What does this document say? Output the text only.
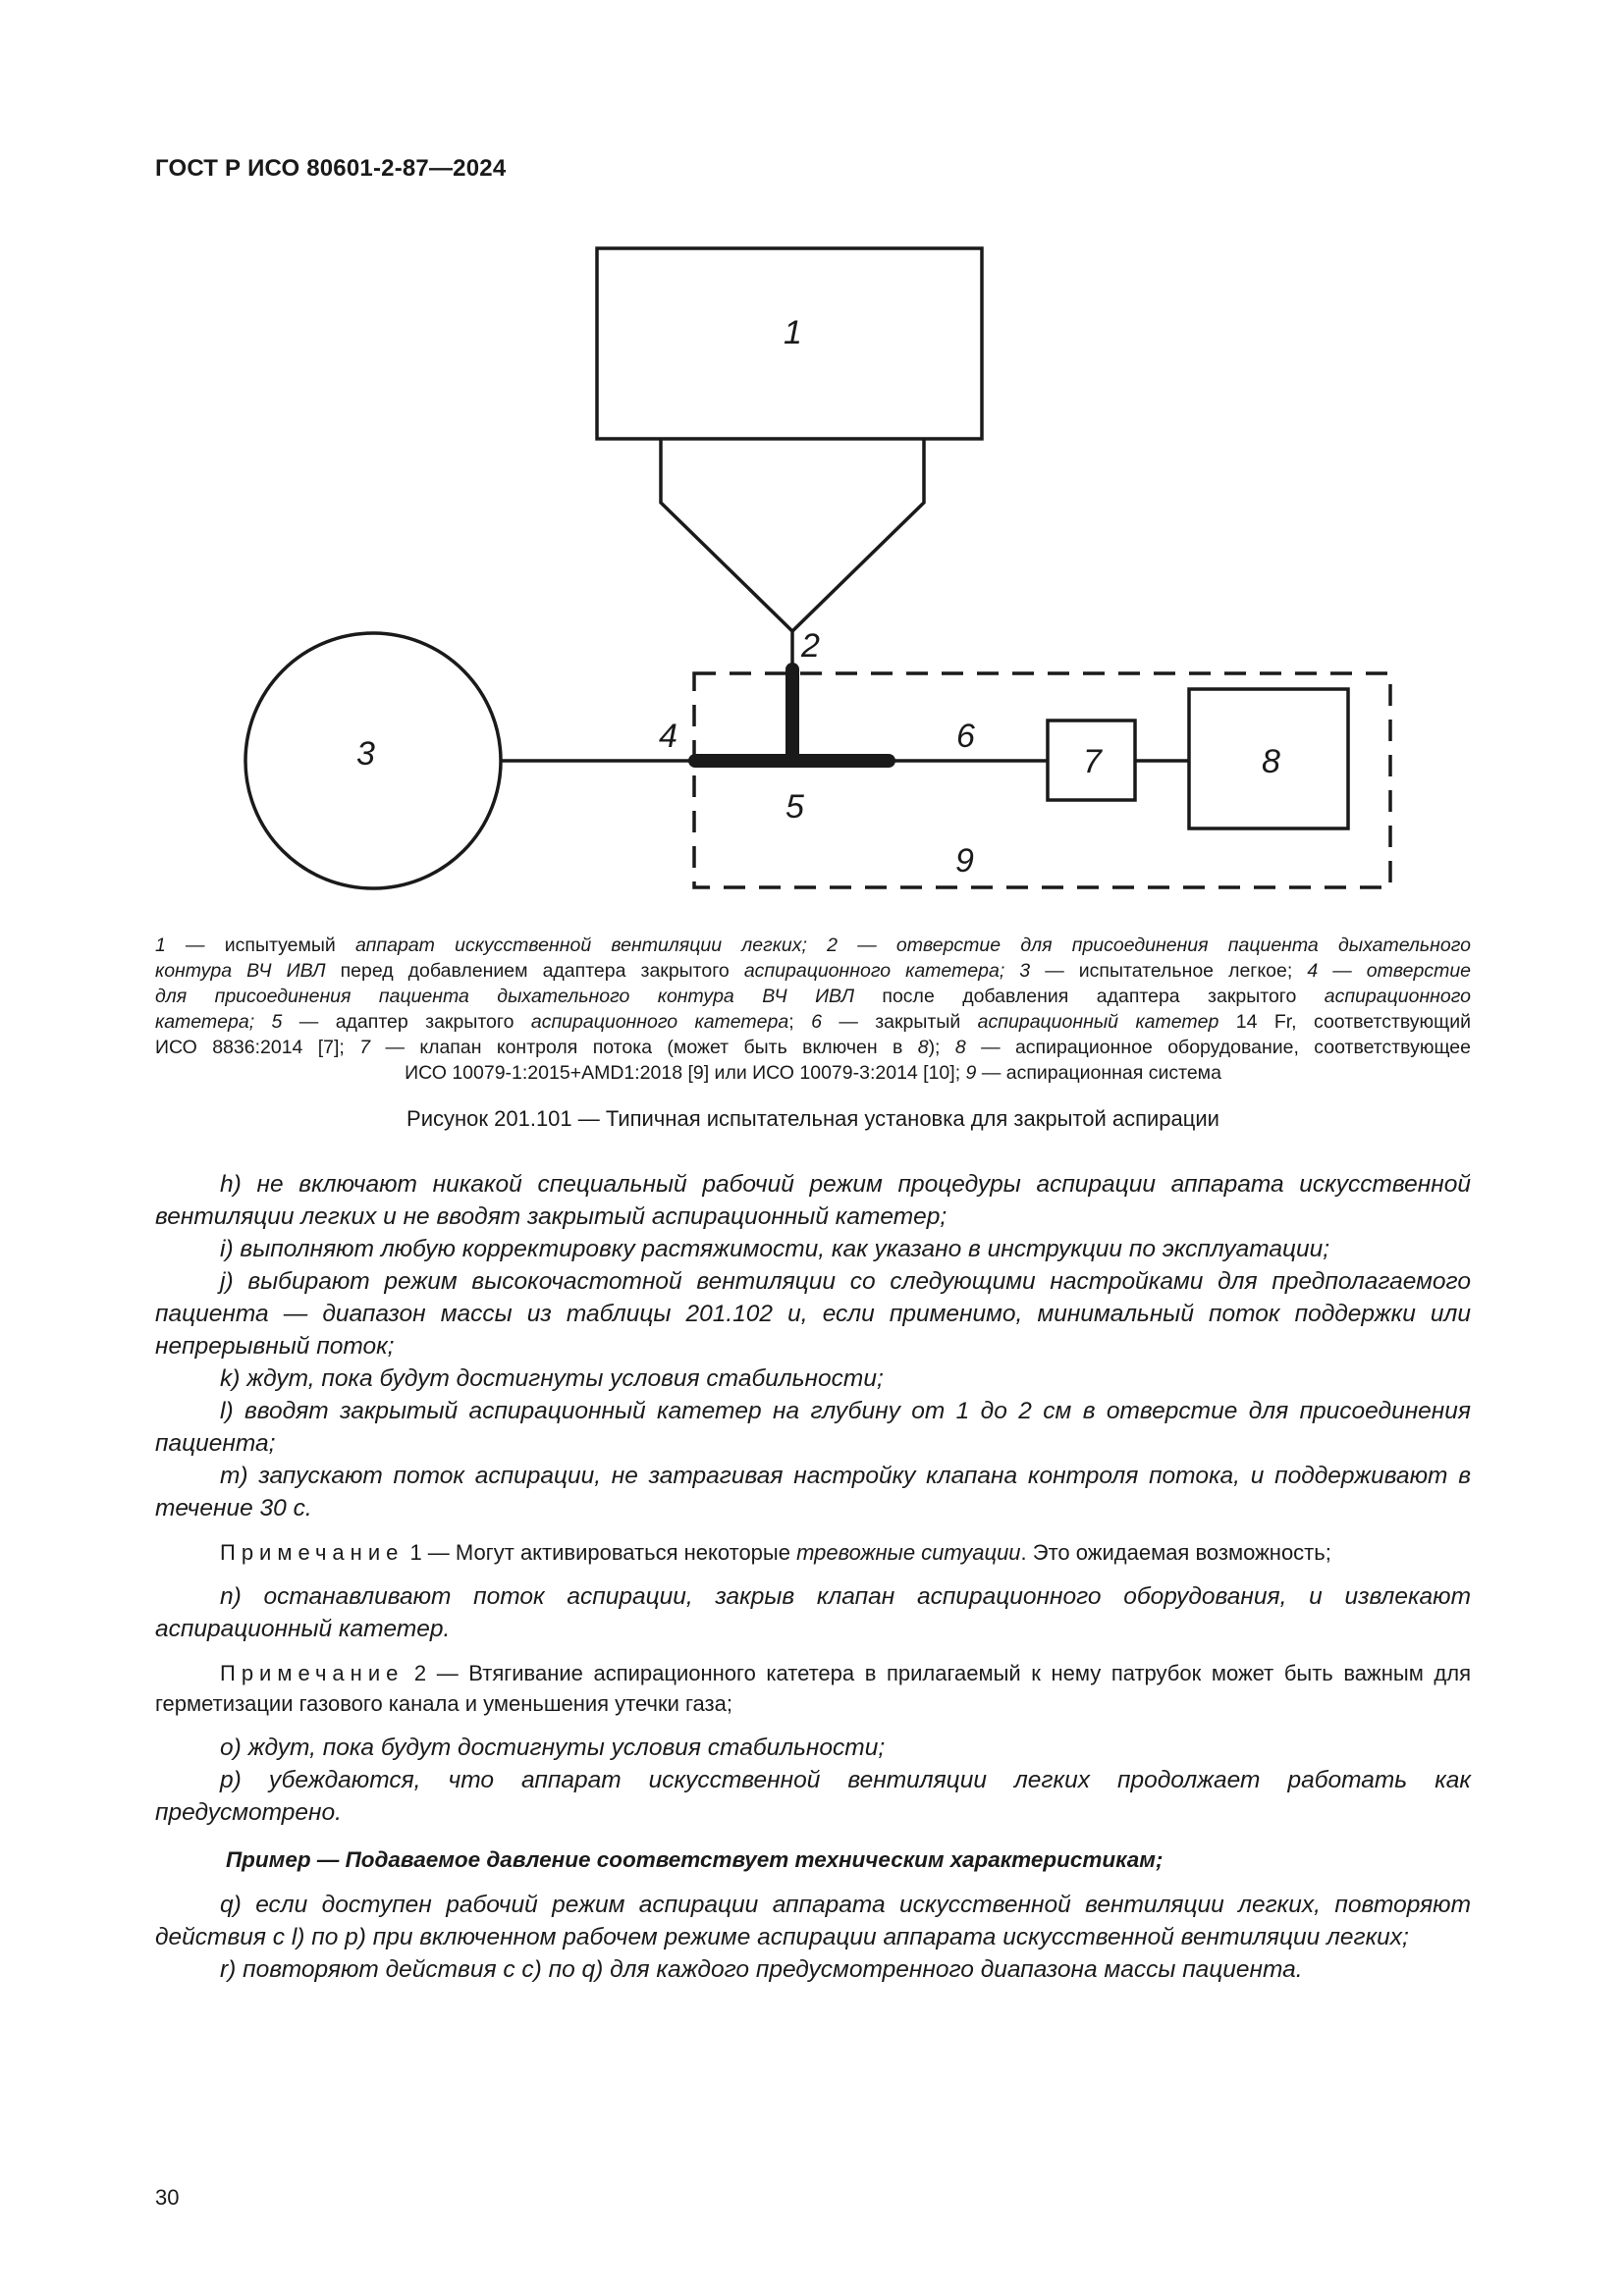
ГОСТ Р ИСО 80601-2-87—2024
1
2
3	4
5
6
7	8
9
1 — испытуемый аппарат искусственной вентиляции легких; 2 — отверстие для присоединения пациента дыхательного
контура ВЧ ИВЛ перед добавлением адаптера закрытого аспирационного катетера; 3 — испытательное легкое; 4 — отверстие
для присоединения пациента дыхательного контура ВЧ ИВЛ после добавления адаптера закрытого аспирационного
катетера; 5 — адаптер закрытого аспирационного катетера; 6 — закрытый аспирационный катетер 14 Fr, соответствующий
ИСО 8836:2014 [7]; 7 — клапан контроля потока (может быть включен в 8); 8 — аспирационное оборудование, соответствующее
ИСО 10079-1:2015+AMD1:2018 [9] или ИСО 10079-3:2014 [10]; 9 — аспирационная система
Рисунок 201.101 — Типичная испытательная установка для закрытой аспирации

h) не включают никакой специальный рабочий режим процедуры аспирации аппарата искусственной вентиляции легких и не вводят закрытый аспирационный катетер;

i) выполняют любую корректировку растяжимости, как указано в инструкции по эксплуатации;

j) выбирают режим высокочастотной вентиляции со следующими настройками для предполагаемого пациента — диапазон массы из таблицы 201.102 и, если применимо, минимальный поток поддержки или непрерывный поток;

k) ждут, пока будут достигнуты условия стабильности;

l) вводят закрытый аспирационный катетер на глубину от 1 до 2 см в отверстие для присоединения пациента;

m) запускают поток аспирации, не затрагивая настройку клапана контроля потока, и поддерживают в течение 30 с.

Примечание 1 — Могут активироваться некоторые тревожные ситуации. Это ожидаемая возможность;

n) останавливают поток аспирации, закрыв клапан аспирационного оборудования, и извлекают аспирационный катетер.

Примечание 2 — Втягивание аспирационного катетера в прилагаемый к нему патрубок может быть важным для герметизации газового канала и уменьшения утечки газа;

o) ждут, пока будут достигнуты условия стабильности;

p) убеждаются, что аппарат искусственной вентиляции легких продолжает работать как предусмотрено.

Пример — Подаваемое давление соответствует техническим характеристикам;

q) если доступен рабочий режим аспирации аппарата искусственной вентиляции легких, повторяют действия с l) по p) при включенном рабочем режиме аспирации аппарата искусственной вентиляции легких;

r) повторяют действия с c) по q) для каждого предусмотренного диапазона массы пациента.

30
